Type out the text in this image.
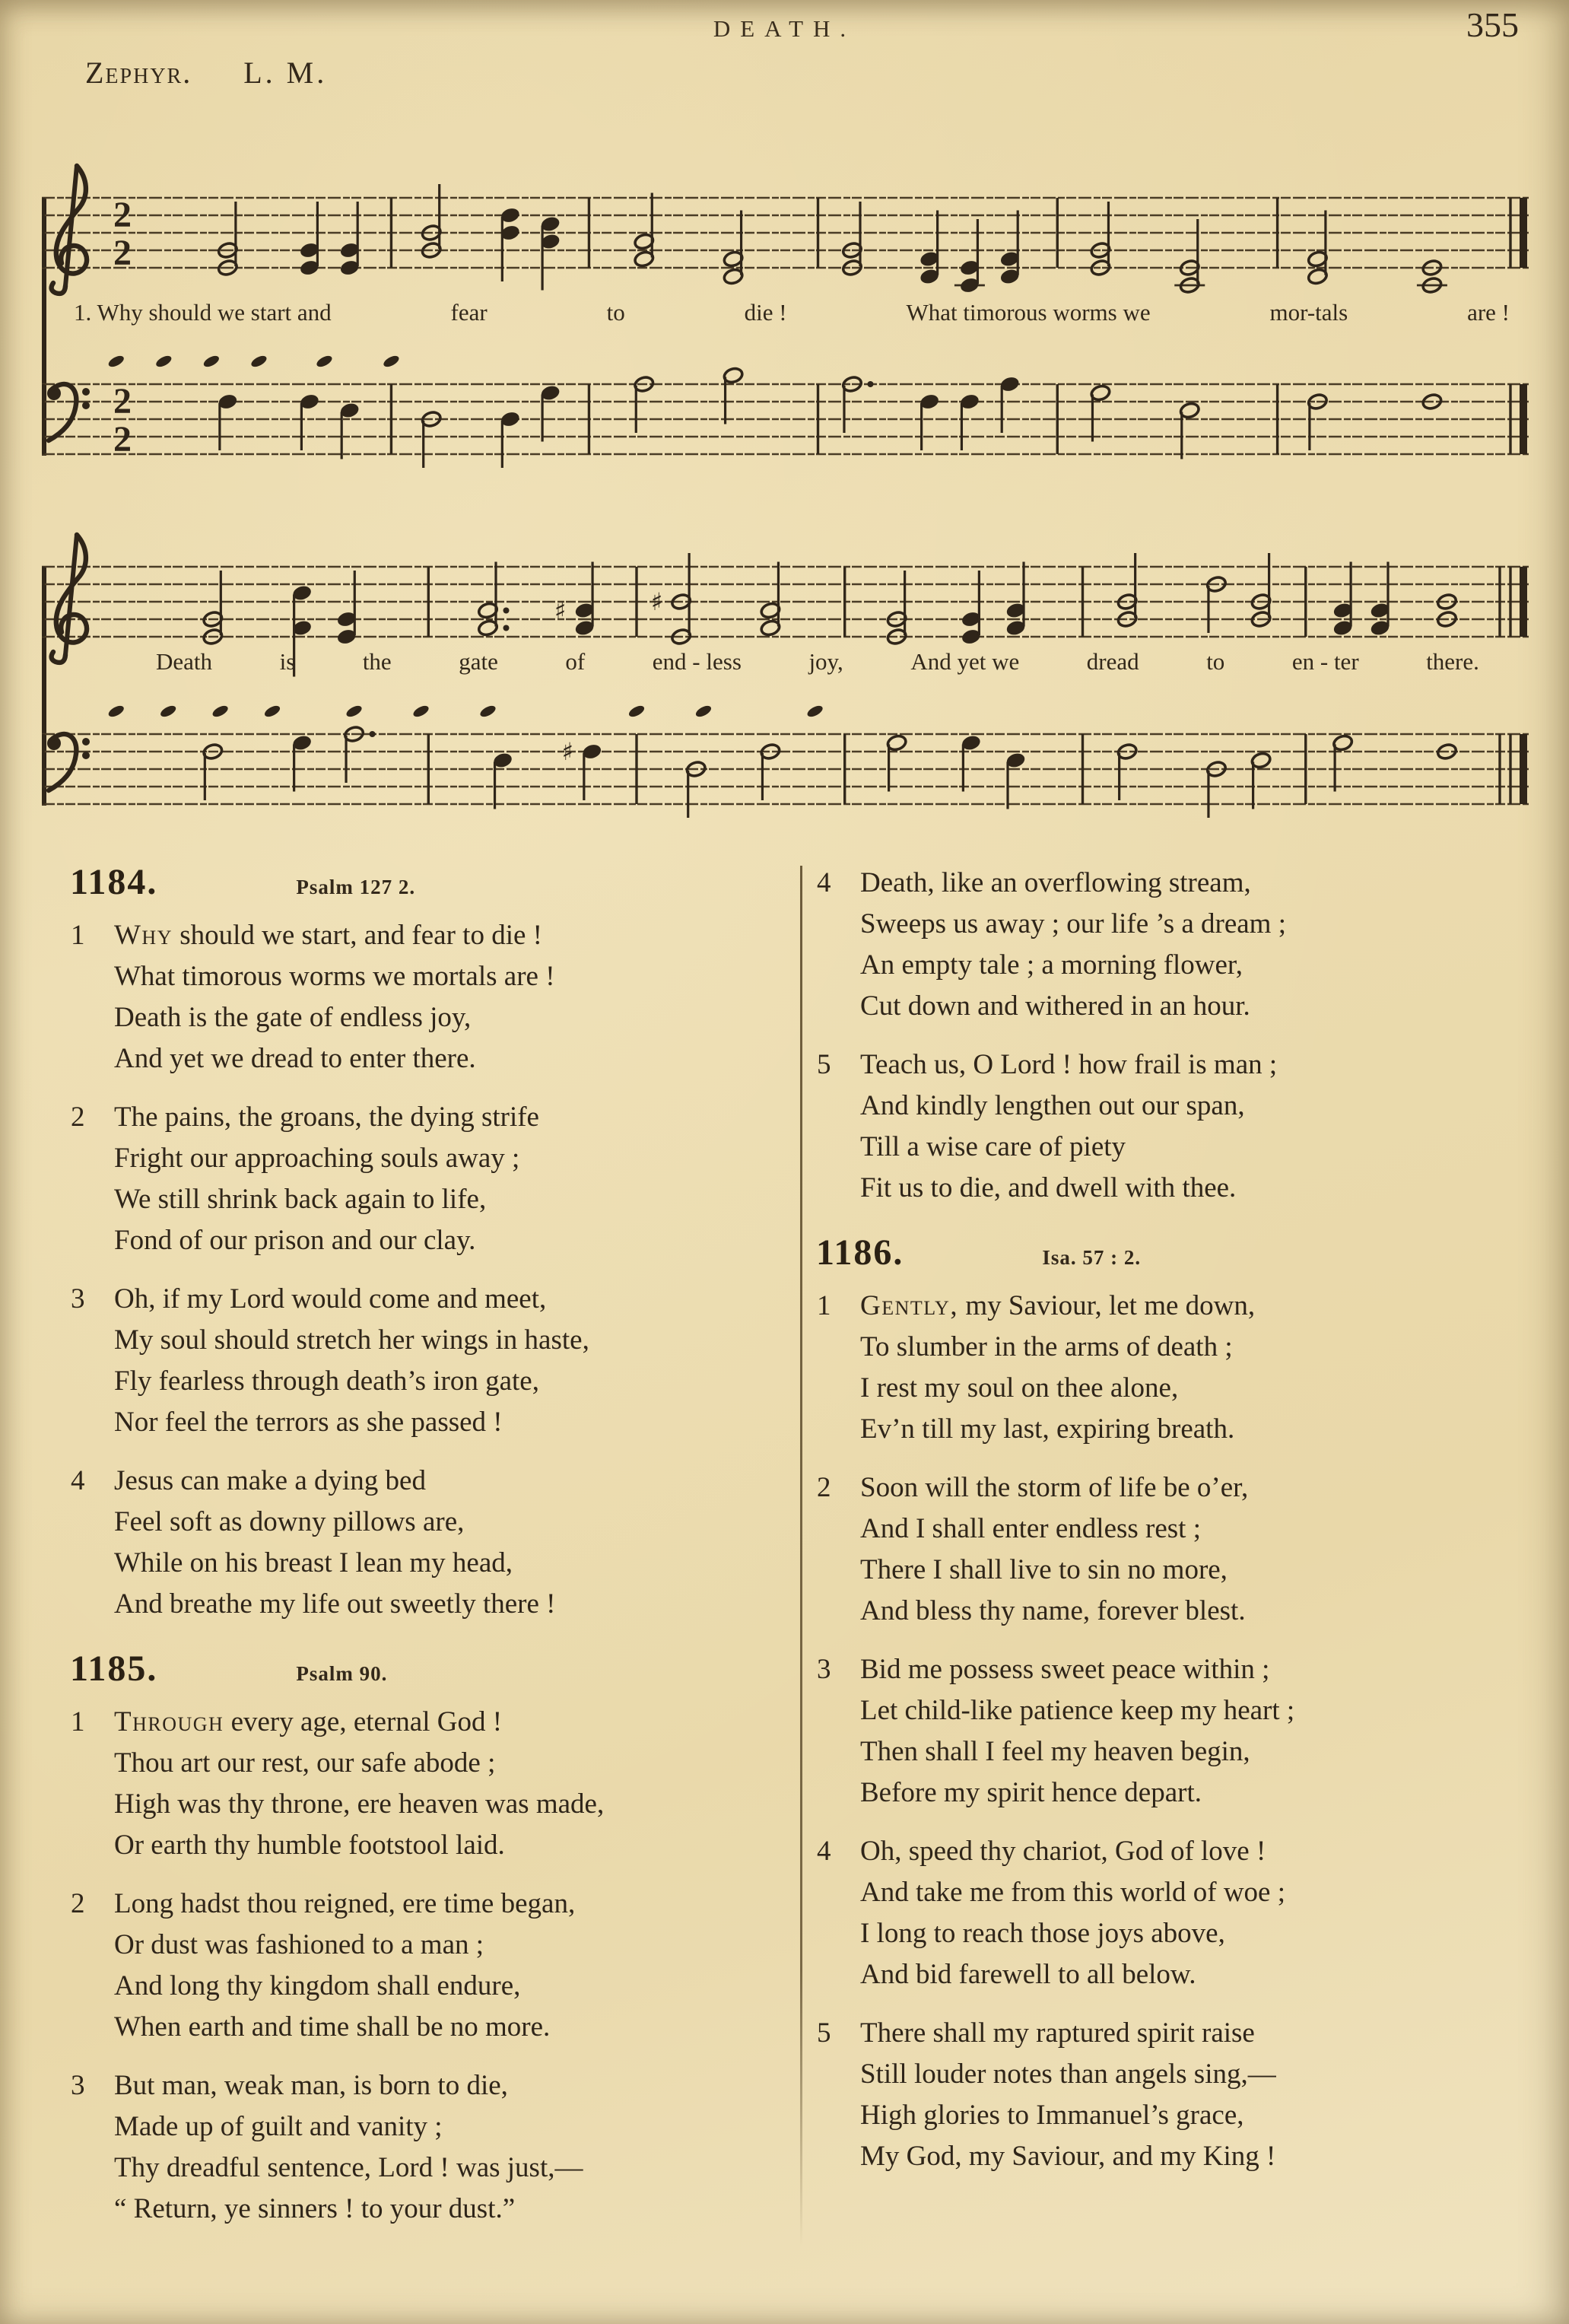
DEATH.	355
Zephyr. L. M.
2
2
1. Why should we start and	fear	to	die !	What timorous worms we	mor-tals	are !
2
2
♯	♯
Death	is	the	gate	of	end - less	joy,	And yet we	dread	to	en - ter	there.
♯
1184.	Psalm 127 2.
1 Why should we start, and fear to die !
What timorous worms we mortals are !
Death is the gate of endless joy,
And yet we dread to enter there.
2 The pains, the groans, the dying strife
Fright our approaching souls away ;
We still shrink back again to life,
Fond of our prison and our clay.
3 Oh, if my Lord would come and meet,
My soul should stretch her wings in haste,
Fly fearless through death’s iron gate,
Nor feel the terrors as she passed !
4 Jesus can make a dying bed
Feel soft as downy pillows are,
While on his breast I lean my head,
And breathe my life out sweetly there !
1185.	Psalm 90.
1 Through every age, eternal God !
Thou art our rest, our safe abode ;
High was thy throne, ere heaven was made,
Or earth thy humble footstool laid.
2 Long hadst thou reigned, ere time began,
Or dust was fashioned to a man ;
And long thy kingdom shall endure,
When earth and time shall be no more.
3 But man, weak man, is born to die,
Made up of guilt and vanity ;
Thy dreadful sentence, Lord ! was just,—
“ Return, ye sinners ! to your dust.”
4 Death, like an overflowing stream,
Sweeps us away ; our life ’s a dream ;
An empty tale ; a morning flower,
Cut down and withered in an hour.
5 Teach us, O Lord ! how frail is man ;
And kindly lengthen out our span,
Till a wise care of piety
Fit us to die, and dwell with thee.
1186.	Isa. 57 : 2.
1 Gently, my Saviour, let me down,
To slumber in the arms of death ;
I rest my soul on thee alone,
Ev’n till my last, expiring breath.
2 Soon will the storm of life be o’er,
And I shall enter endless rest ;
There I shall live to sin no more,
And bless thy name, forever blest.
3 Bid me possess sweet peace within ;
Let child-like patience keep my heart ;
Then shall I feel my heaven begin,
Before my spirit hence depart.
4 Oh, speed thy chariot, God of love !
And take me from this world of woe ;
I long to reach those joys above,
And bid farewell to all below.
5 There shall my raptured spirit raise
Still louder notes than angels sing,—
High glories to Immanuel’s grace,
My God, my Saviour, and my King !
